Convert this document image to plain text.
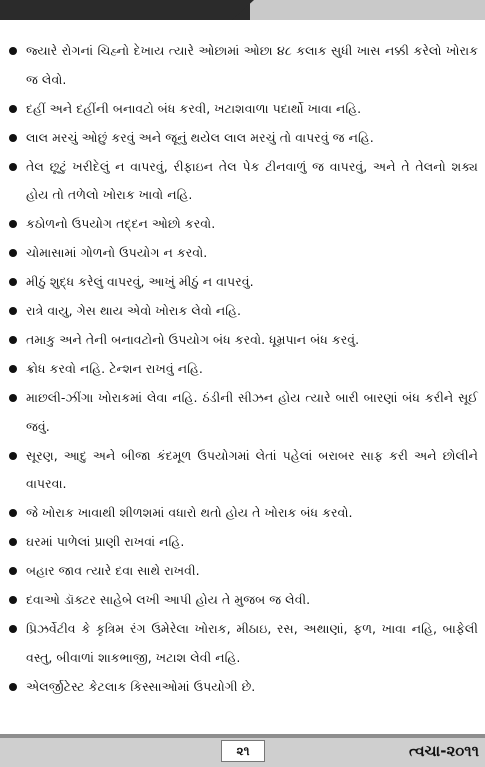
જ્યારે રોગનાં ચિહ્નો દેખાય ત્યારે ઓછામાં ઓછા ૪૮ કલાક સુધી ખાસ નક્કી કરેલો ખોરાક જ લેવો.
દહીં અને દહીંની બનાવટો બંધ કરવી, ખટાશવાળા પદાર્થો ખાવા નહિ.
લાલ મરચું ઓછું કરવું અને જૂનું થયેલ લાલ મરચું તો વાપરવું જ નહિ.
તેલ છૂટું ખરીદેલું ન વાપરવું, રીફાઇન તેલ પેક ટીનવાળું જ વાપરવું, અને તે તેલનો શક્ય હોય તો તળેલો ખોરાક ખાવો નહિ.
કઠોળનો ઉપયોગ તદ્દન ઓછો કરવો.
ચોમાસામાં ગોળનો ઉપયોગ ન કરવો.
મીઠું શુદ્ધ કરેલું વાપરવું, આખું મીઠું ન વાપરવું.
રાત્રે વાયુ, ગેસ થાય એવો ખોરાક લેવો નહિ.
તમાકુ અને તેની બનાવટોનો ઉપયોગ બંધ કરવો. ધૂમ્રપાન બંધ કરવું.
ક્રોધ કરવો નહિ. ટેન્શન રાખવું નહિ.
માછલી-ઝીંગા ખોરાકમાં લેવા નહિ. ઠંડીની સીઝન હોય ત્યારે બારી બારણાં બંધ કરીને સૂઈ જવું.
સૂરણ, આદુ અને બીજા કંદમૂળ ઉપયોગમાં લેતાં પહેલાં બરાબર સાફ કરી અને છોલીને વાપરવા.
જે ખોરાક ખાવાથી શીળશમાં વધારો થતો હોય તે ખોરાક બંધ કરવો.
ઘરમાં પાળેલાં પ્રાણી રાખવાં નહિ.
બહાર જાવ ત્યારે દવા સાથે રાખવી.
દવાઓ ડૉક્ટર સાહેબે લખી આપી હોય તે મુજબ જ લેવી.
પ્રિઝર્વેટીવ કે કૃત્રિમ રંગ ઉમેરેલા ખોરાક, મીઠાઇ, રસ, અથાણાં, ફળ, ખાવા નહિ, બાફેલી વસ્તુ, બીવાળાં શાકભાજી, ખટાશ લેવી નહિ.
એલર્જીટેસ્ટ કેટલાક કિસ્સાઓમાં ઉપયોગી છે.
૨૧	ત્વચા-૨૦૧૧
